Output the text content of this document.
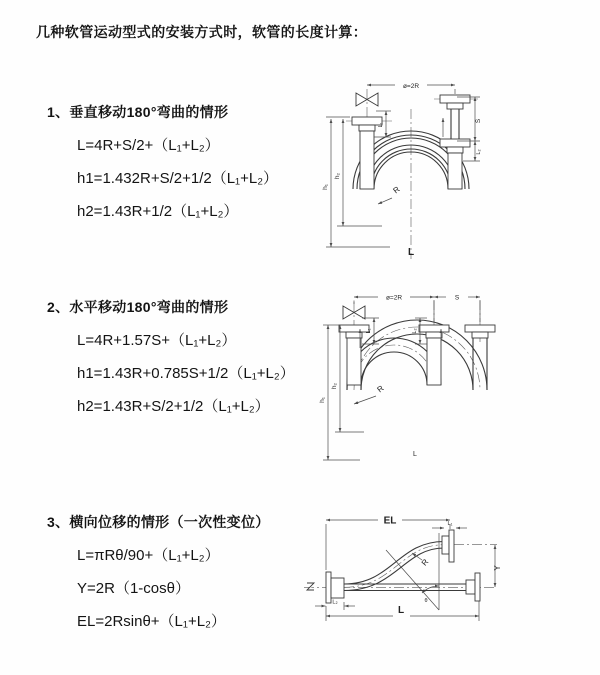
几种软管运动型式的安装方式时，软管的长度计算：
1、垂直移动180°弯曲的情形
L=4R+S/2+（L₁+L₂）
h1=1.432R+S/2+1/2（L₁+L₂）
h2=1.43R+1/2（L₁+L₂）
ø=2R
h₁
h₂
L₁
S
L₂
R
L
2、水平移动180°弯曲的情形
L=4R+1.57S+（L₁+L₂）
h1=1.43R+0.785S+1/2（L₁+L₂）
h2=1.43R+S/2+1/2（L₁+L₂）
ø=2R	S
h₁
h₂
L₁	L₂
R
L
3、横向位移的情形（一次性变位）
L=πRθ/90+（L₁+L₂）
Y=2R（1-cosθ）
EL=2Rsinθ+（L₁+L₂）
EL	L₁
Y
L
L₂
R
θ
